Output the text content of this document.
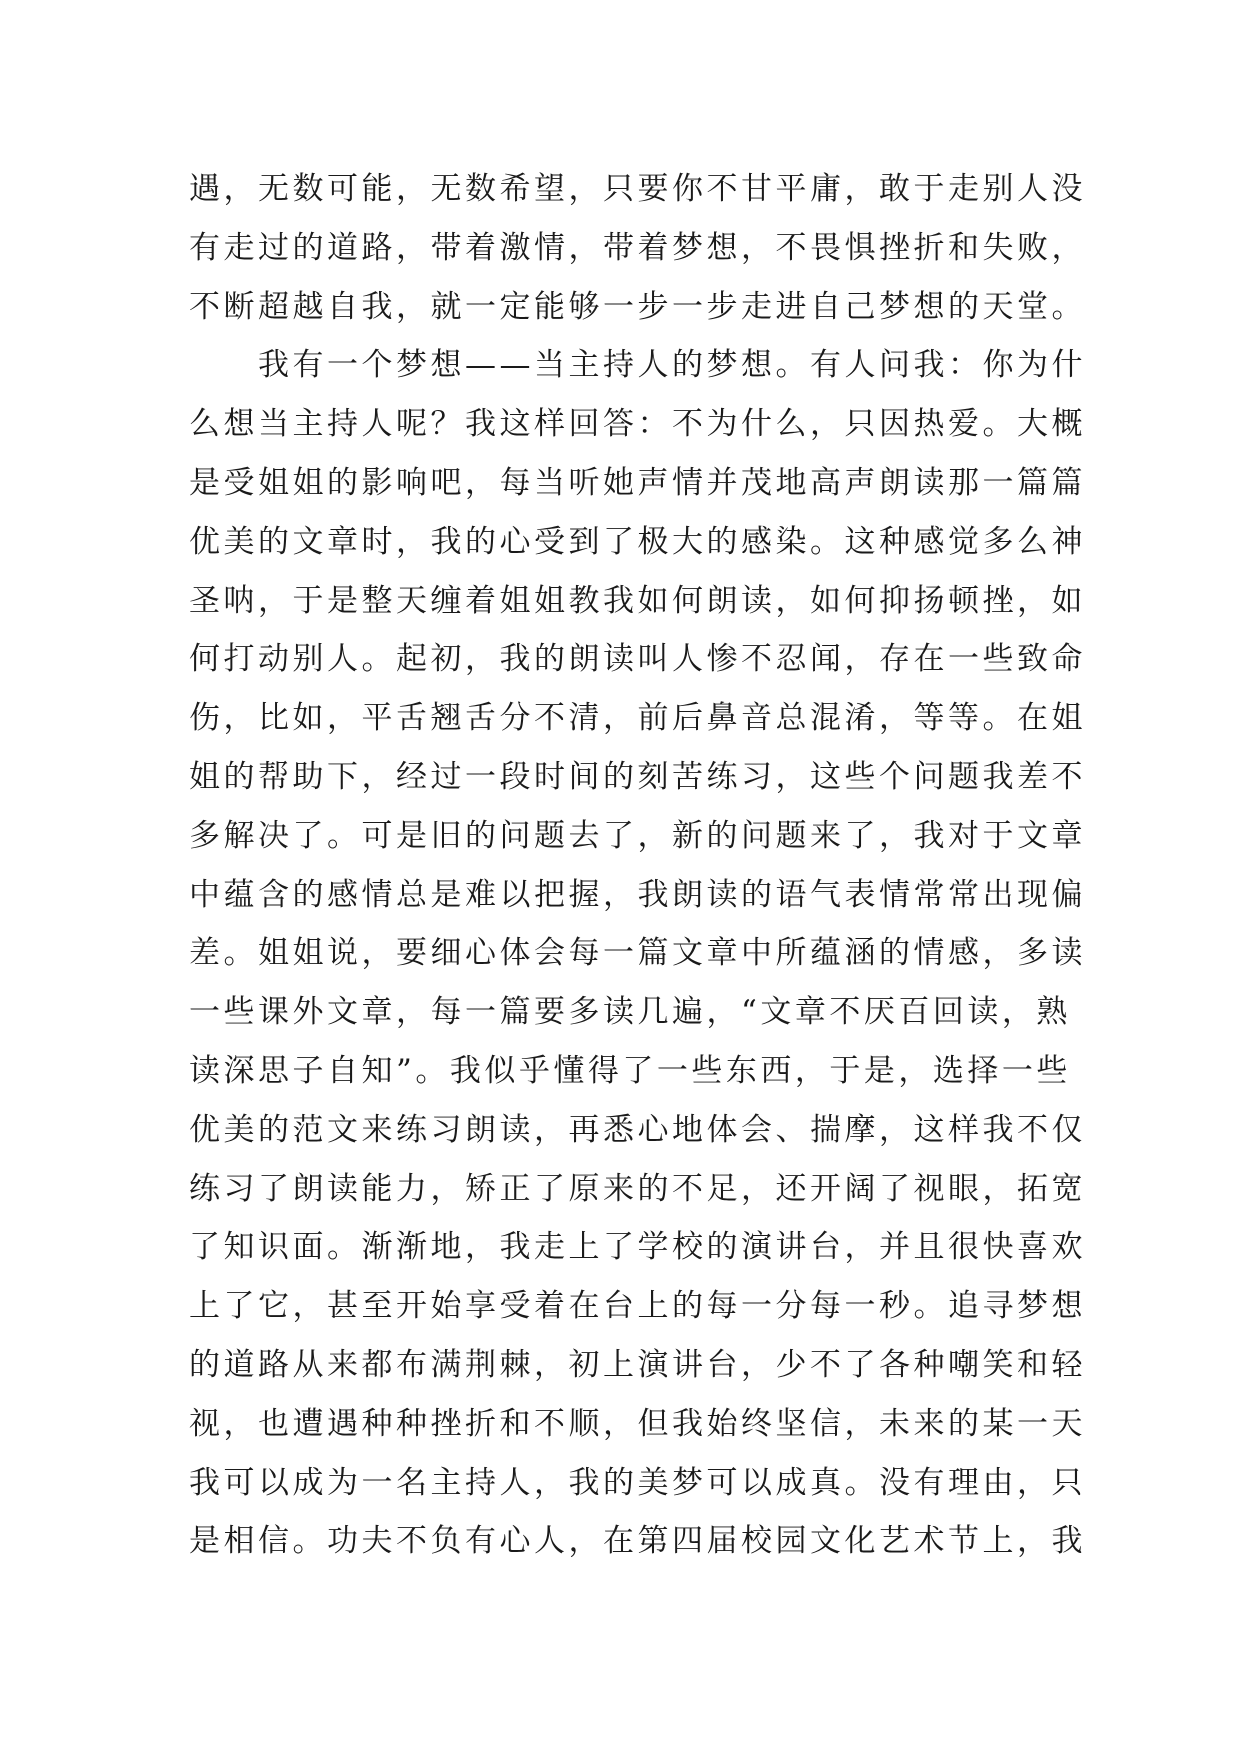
遇，无数可能，无数希望，只要你不甘平庸，敢于走别人没
有走过的道路，带着激情，带着梦想，不畏惧挫折和失败，
不断超越自我，就一定能够一步一步走进自己梦想的天堂。
　　我有一个梦想——当主持人的梦想。有人问我：你为什
么想当主持人呢？我这样回答：不为什么，只因热爱。大概
是受姐姐的影响吧，每当听她声情并茂地高声朗读那一篇篇
优美的文章时，我的心受到了极大的感染。这种感觉多么神
圣呐，于是整天缠着姐姐教我如何朗读，如何抑扬顿挫，如
何打动别人。起初，我的朗读叫人惨不忍闻，存在一些致命
伤，比如，平舌翘舌分不清，前后鼻音总混淆，等等。在姐
姐的帮助下，经过一段时间的刻苦练习，这些个问题我差不
多解决了。可是旧的问题去了，新的问题来了，我对于文章
中蕴含的感情总是难以把握，我朗读的语气表情常常出现偏
差。姐姐说，要细心体会每一篇文章中所蕴涵的情感，多读
一些课外文章，每一篇要多读几遍，“文章不厌百回读，熟
读深思子自知”。我似乎懂得了一些东西，于是，选择一些
优美的范文来练习朗读，再悉心地体会、揣摩，这样我不仅
练习了朗读能力，矫正了原来的不足，还开阔了视眼，拓宽
了知识面。渐渐地，我走上了学校的演讲台，并且很快喜欢
上了它，甚至开始享受着在台上的每一分每一秒。追寻梦想
的道路从来都布满荆棘，初上演讲台，少不了各种嘲笑和轻
视，也遭遇种种挫折和不顺，但我始终坚信，未来的某一天
我可以成为一名主持人，我的美梦可以成真。没有理由，只
是相信。功夫不负有心人，在第四届校园文化艺术节上，我
